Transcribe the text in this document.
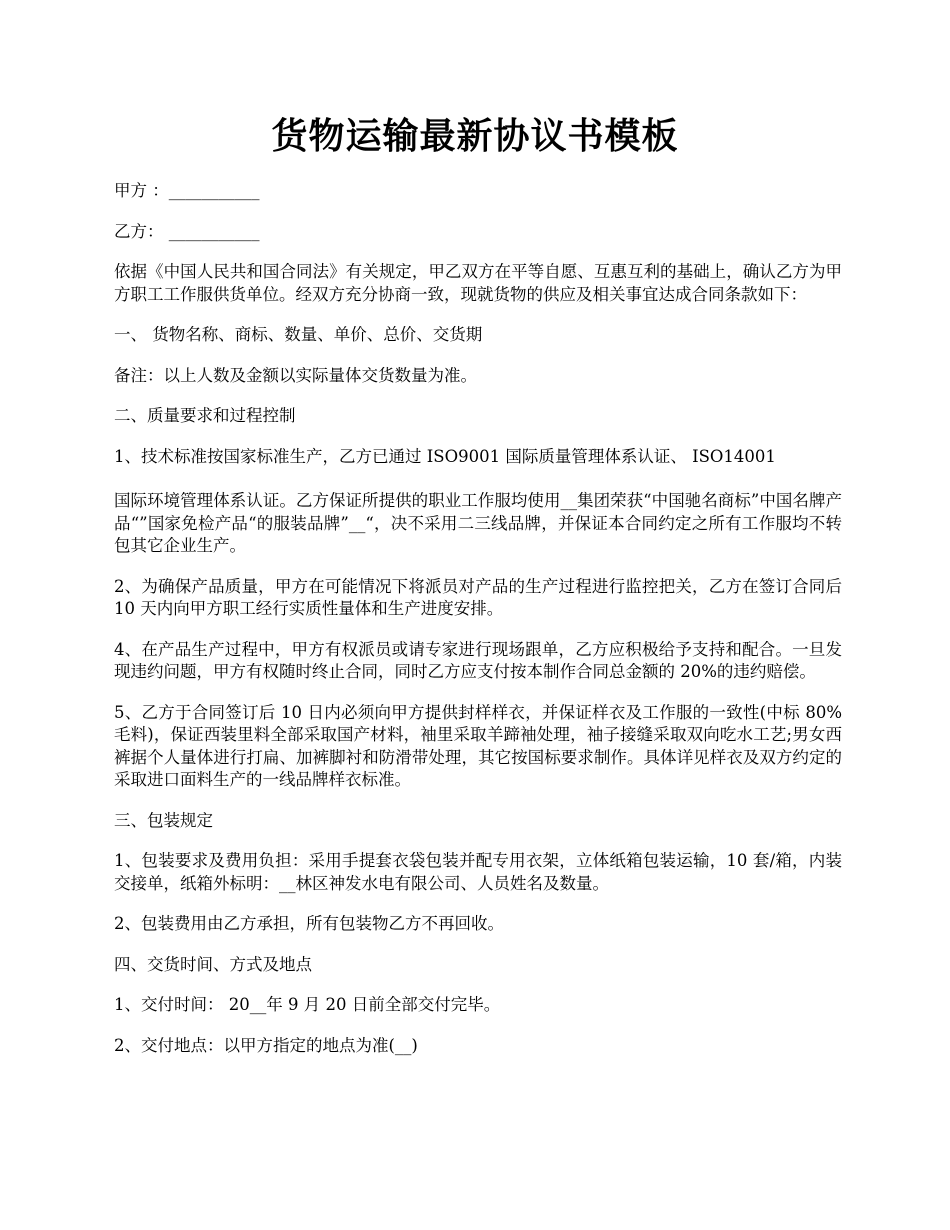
货物运输最新协议书模板

甲方 ：___________

乙方： ___________

依据《中国人民共和国合同法》有关规定，甲乙双方在平等自愿、互惠互利的基础上，确认乙方为甲方职工工作服供货单位。经双方充分协商一致，现就货物的供应及相关事宜达成合同条款如下：

一、 货物名称、商标、数量、单价、总价、交货期

备注：以上人数及金额以实际量体交货数量为准。

二、质量要求和过程控制

1、技术标准按国家标准生产，乙方已通过 ISO9001 国际质量管理体系认证、 ISO14001

国际环境管理体系认证。乙方保证所提供的职业工作服均使用__集团荣获“中国驰名商标”中国名牌产品“”国家免检产品“的服装品牌”__“，决不采用二三线品牌，并保证本合同约定之所有工作服均不转包其它企业生产。

2、为确保产品质量，甲方在可能情况下将派员对产品的生产过程进行监控把关，乙方在签订合同后 10 天内向甲方职工经行实质性量体和生产进度安排。

4、在产品生产过程中，甲方有权派员或请专家进行现场跟单，乙方应积极给予支持和配合。一旦发现违约问题，甲方有权随时终止合同，同时乙方应支付按本制作合同总金额的 20%的违约赔偿。

5、乙方于合同签订后 10 日内必须向甲方提供封样样衣，并保证样衣及工作服的一致性(中标 80%毛料)，保证西装里料全部采取国产材料，袖里采取羊蹄袖处理，袖子接缝采取双向吃水工艺;男女西裤据个人量体进行打扁、加裤脚衬和防滑带处理，其它按国标要求制作。具体详见样衣及双方约定的采取进口面料生产的一线品牌样衣标准。

三、包装规定

1、包装要求及费用负担：采用手提套衣袋包装并配专用衣架，立体纸箱包装运输，10 套/箱，内装交接单，纸箱外标明：__林区神发水电有限公司、人员姓名及数量。

2、包装费用由乙方承担，所有包装物乙方不再回收。

四、交货时间、方式及地点

1、交付时间： 20__年 9 月 20 日前全部交付完毕。

2、交付地点：以甲方指定的地点为准(__)
